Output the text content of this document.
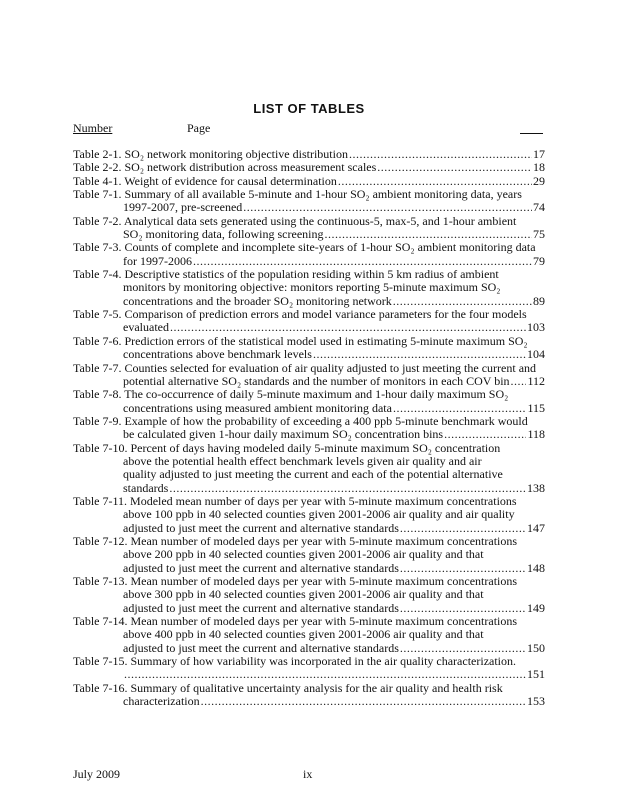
LIST OF TABLES
Number	Page
Table 2-1. SO₂ network monitoring objective distribution .....	17
Table 2-2. SO₂ network distribution across measurement scales .....	18
Table 4-1. Weight of evidence for causal determination .....	29
Table 7-1. Summary of all available 5-minute and 1-hour SO₂ ambient monitoring data, years
1997-2007, pre-screened .....	74
Table 7-2. Analytical data sets generated using the continuous-5, max-5, and 1-hour ambient
SO₂ monitoring data, following screening .....	75
Table 7-3. Counts of complete and incomplete site-years of 1-hour SO₂ ambient monitoring data
for 1997-2006 .....	79
Table 7-4. Descriptive statistics of the population residing within 5 km radius of ambient
monitors by monitoring objective: monitors reporting 5-minute maximum SO₂
concentrations and the broader SO₂ monitoring network .....	89
Table 7-5. Comparison of prediction errors and model variance parameters for the four models
evaluated .....	103
Table 7-6. Prediction errors of the statistical model used in estimating 5-minute maximum SO₂
concentrations above benchmark levels .....	104
Table 7-7. Counties selected for evaluation of air quality adjusted to just meeting the current and
potential alternative SO₂ standards and the number of monitors in each COV bin ..... 112
Table 7-8. The co-occurrence of daily 5-minute maximum and 1-hour daily maximum SO₂
concentrations using measured ambient monitoring data .....	115
Table 7-9. Example of how the probability of exceeding a 400 ppb 5-minute benchmark would
be calculated given 1-hour daily maximum SO₂ concentration bins .....	118
Table 7-10. Percent of days having modeled daily 5-minute maximum SO₂ concentration
above the potential health effect benchmark levels given air quality and air
quality adjusted to just meeting the current and each of the potential alternative
standards .....	138
Table 7-11. Modeled mean number of days per year with 5-minute maximum concentrations
above 100 ppb in 40 selected counties given 2001-2006 air quality and air quality
adjusted to just meet the current and alternative standards .....	147
Table 7-12. Mean number of modeled days per year with 5-minute maximum concentrations
above 200 ppb in 40 selected counties given 2001-2006 air quality and that
adjusted to just meet the current and alternative standards .....	148
Table 7-13. Mean number of modeled days per year with 5-minute maximum concentrations
above 300 ppb in 40 selected counties given 2001-2006 air quality and that
adjusted to just meet the current and alternative standards .....	149
Table 7-14. Mean number of modeled days per year with 5-minute maximum concentrations
above 400 ppb in 40 selected counties given 2001-2006 air quality and that
adjusted to just meet the current and alternative standards .....	150
Table 7-15. Summary of how variability was incorporated in the air quality characterization.
.....
151
Table 7-16. Summary of qualitative uncertainty analysis for the air quality and health risk
characterization .....	153
July 2009	ix
